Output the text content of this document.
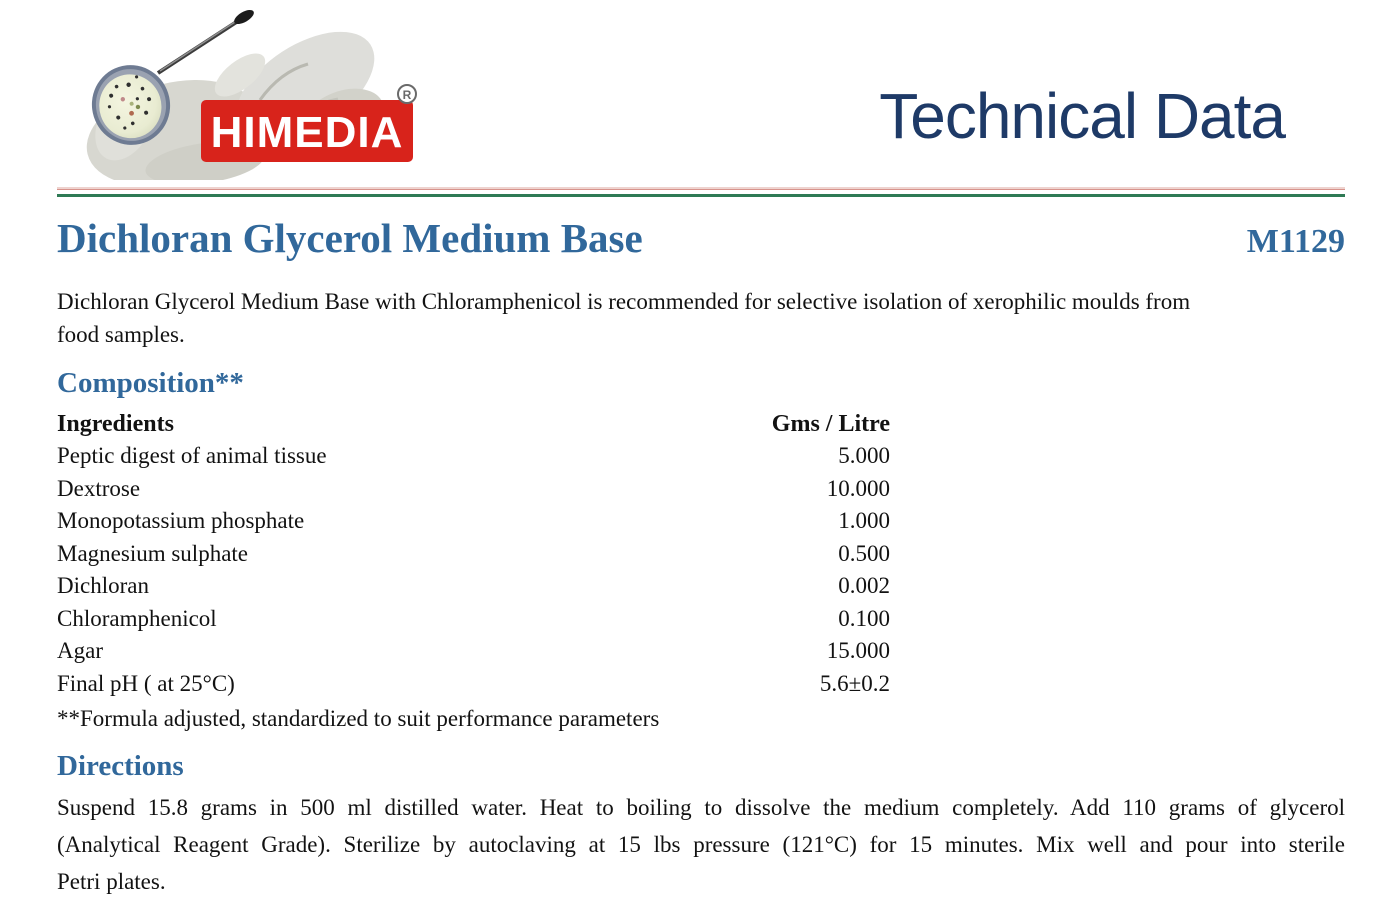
HIMEDIA
R	Technical Data
Dichloran Glycerol Medium Base	M1129
Dichloran Glycerol Medium Base with Chloramphenicol is recommended for selective isolation of xerophilic moulds from
food samples.
Composition**
Ingredients	Gms / Litre
Peptic digest of animal tissue	5.000
Dextrose	10.000
Monopotassium phosphate	1.000
Magnesium sulphate	0.500
Dichloran	0.002
Chloramphenicol	0.100
Agar	15.000
Final pH ( at 25°C)	5.6±0.2
**Formula adjusted, standardized to suit performance parameters
Directions
Suspend 15.8 grams in 500 ml distilled water. Heat to boiling to dissolve the medium completely. Add 110 grams of glycerol
(Analytical Reagent Grade). Sterilize by autoclaving at 15 lbs pressure (121°C) for 15 minutes. Mix well and pour into sterile
Petri plates.
